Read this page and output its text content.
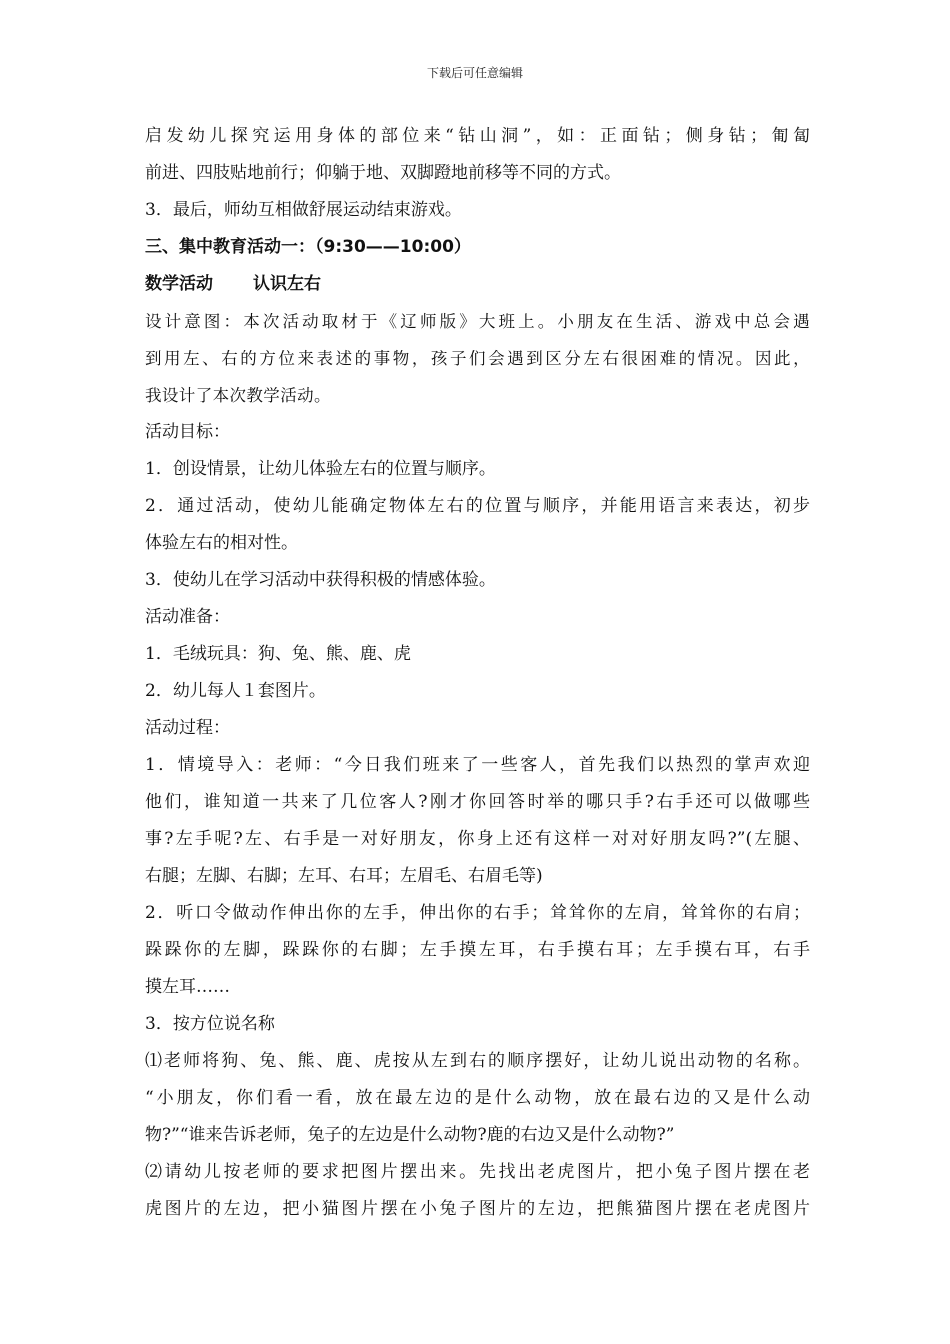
下载后可任意编辑
启发幼儿探究运用身体的部位来“钻山洞”，如：正面钻；侧身钻；匍匐
前进、四肢贴地前行；仰躺于地、双脚蹬地前移等不同的方式。
3．最后，师幼互相做舒展运动结束游戏。
三、集中教育活动一：（9:30——10:00）
数学活动 认识左右
设计意图：本次活动取材于《辽师版》大班上。小朋友在生活、游戏中总会遇
到用左、右的方位来表述的事物，孩子们会遇到区分左右很困难的情况。因此，
我设计了本次教学活动。
活动目标：
1．创设情景，让幼儿体验左右的位置与顺序。
2．通过活动，使幼儿能确定物体左右的位置与顺序，并能用语言来表达，初步
体验左右的相对性。
3．使幼儿在学习活动中获得积极的情感体验。
活动准备：
1．毛绒玩具：狗、兔、熊、鹿、虎
2．幼儿每人１套图片。
活动过程：
1．情境导入：老师：“今日我们班来了一些客人，首先我们以热烈的掌声欢迎
他们，谁知道一共来了几位客人?刚才你回答时举的哪只手?右手还可以做哪些
事?左手呢?左、右手是一对好朋友，你身上还有这样一对对好朋友吗?”(左腿、
右腿；左脚、右脚；左耳、右耳；左眉毛、右眉毛等)
2．听口令做动作伸出你的左手，伸出你的右手；耸耸你的左肩，耸耸你的右肩；
跺跺你的左脚，跺跺你的右脚；左手摸左耳，右手摸右耳；左手摸右耳，右手
摸左耳……
3．按方位说名称
⑴老师将狗、兔、熊、鹿、虎按从左到右的顺序摆好，让幼儿说出动物的名称。
“小朋友，你们看一看，放在最左边的是什么动物，放在最右边的又是什么动
物?”“谁来告诉老师，兔子的左边是什么动物?鹿的右边又是什么动物?”
⑵请幼儿按老师的要求把图片摆出来。先找出老虎图片，把小兔子图片摆在老
虎图片的左边，把小猫图片摆在小兔子图片的左边，把熊猫图片摆在老虎图片
